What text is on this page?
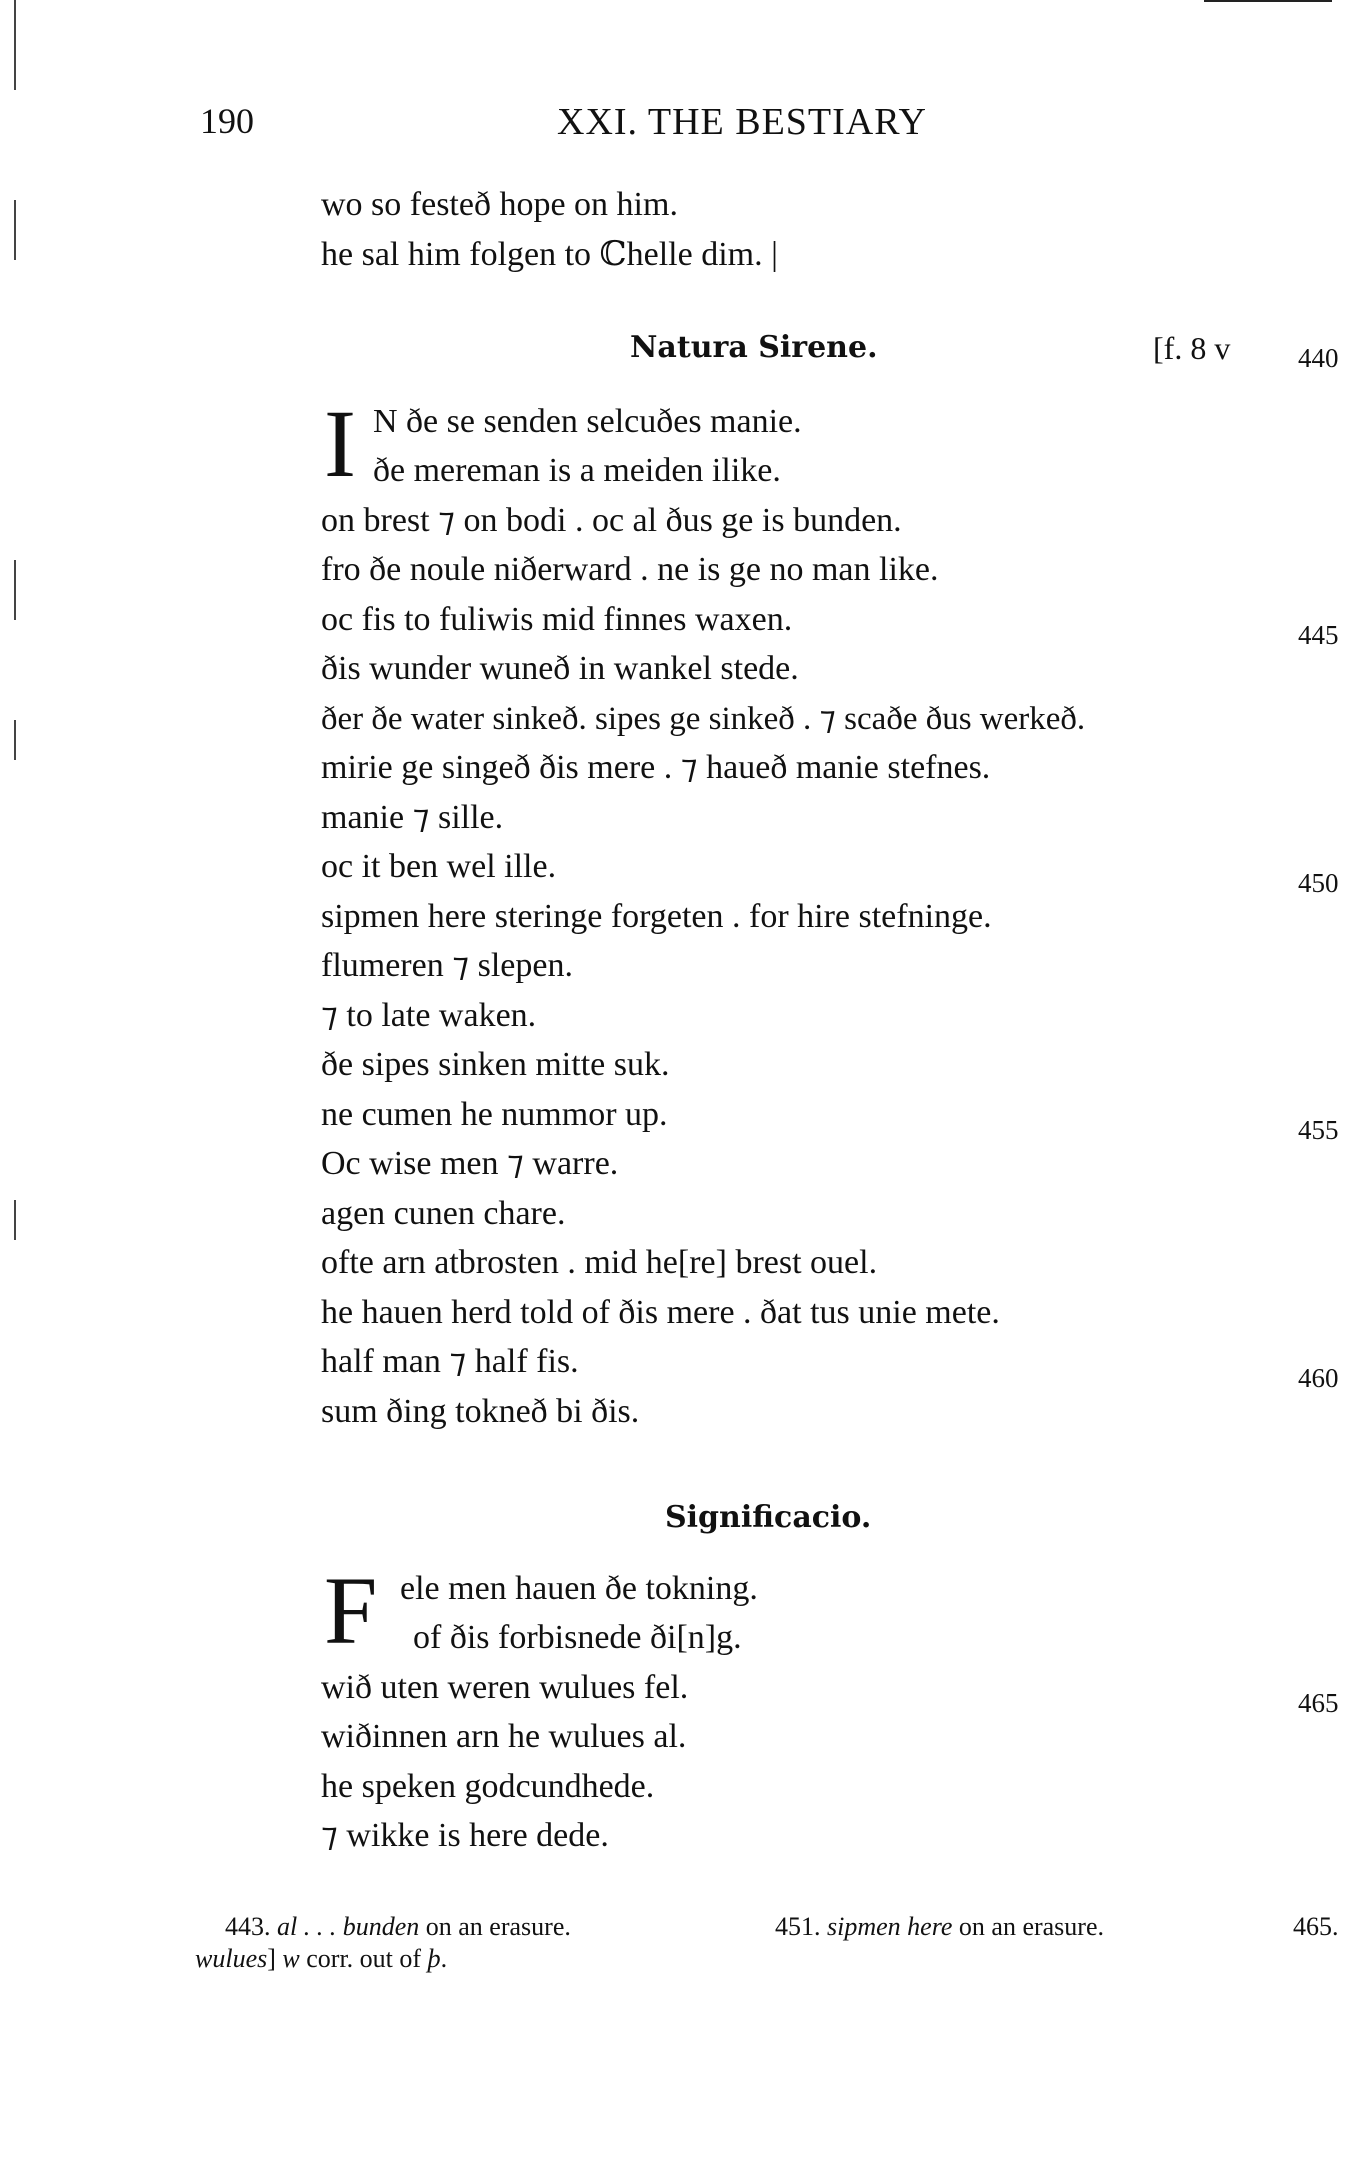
190	XXI. THE BESTIARY
wo so festeð hope on him.
he sal him folgen to ℂhelle dim. |
Natura Sirene.	[f. 8 v	440
I N ðe se senden selcuðes manie.
ðe mereman is a meiden ilike.
on brest ⁊ on bodi . oc al ðus ge is bunden.
fro ðe noule niðerward . ne is ge no man like.
oc fis to fuliwis mid finnes waxen.	445
ðis wunder wuneð in wankel stede.
ðer ðe water sinkeð. sipes ge sinkeð . ⁊ scaðe ðus werkeð.
mirie ge singeð ðis mere . ⁊ haueð manie stefnes.
manie ⁊ sille.
oc it ben wel ille.	450
sipmen here steringe forgeten . for hire stefninge.
flumeren ⁊ slepen.
⁊ to late waken.
ðe sipes sinken mitte suk.
ne cumen he nummor up.	455
Oc wise men ⁊ warre.
agen cunen chare.
ofte arn atbrosten . mid he[re] brest ouel.
he hauen herd told of ðis mere . ðat tus unie mete.
half man ⁊ half fis.	460
sum ðing tokneð bi ðis.
Significacio.
F ele men hauen ðe tokning.
of ðis forbisnede ði[n]g.
wið uten weren wulues fel.	465
wiðinnen arn he wulues al.
he speken godcundhede.
⁊ wikke is here dede.
443. al . . . bunden on an erasure.	451. sipmen here on an erasure.	465.
wulues] w corr. out of þ.
